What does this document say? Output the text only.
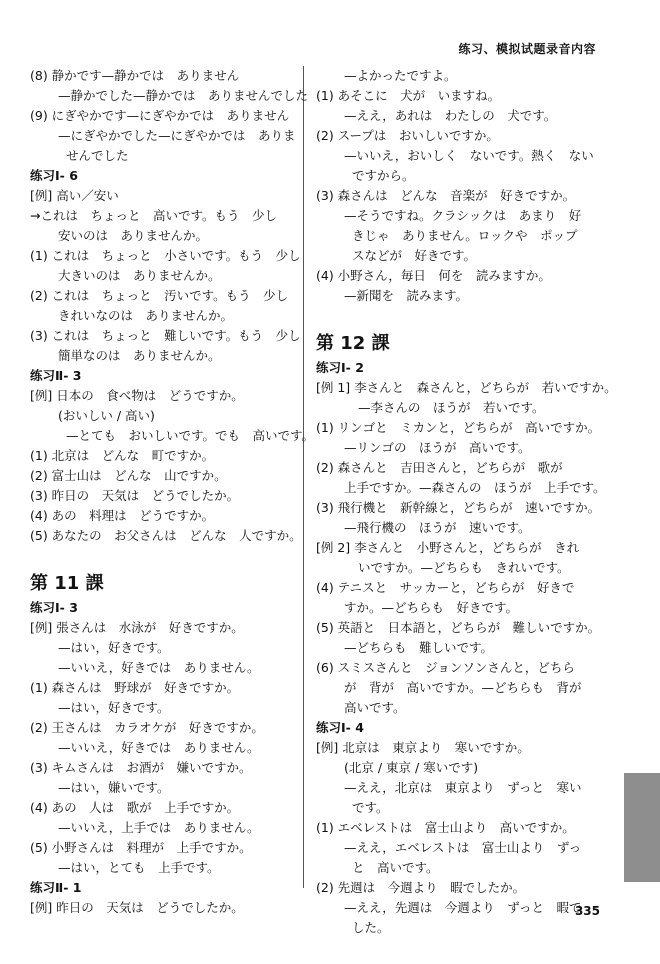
练习、模拟试题录音内容
(8) 静かです—静かでは　ありません
—静かでした—静かでは　ありませんでした
(9) にぎやかです—にぎやかでは　ありません
—にぎやかでした—にぎやかでは　ありま
せんでした
练习Ⅰ- 6
[例] 高い／安い
→これは　ちょっと　高いです。もう　少し
安いのは　ありませんか。
(1) これは　ちょっと　小さいです。もう　少し
大きいのは　ありませんか。
(2) これは　ちょっと　汚いです。もう　少し
きれいなのは　ありませんか。
(3) これは　ちょっと　難しいです。もう　少し
簡単なのは　ありませんか。
练习Ⅱ- 3
[例] 日本の　食べ物は　どうですか。
(おいしい / 高い)
—とても　おいしいです。でも　高いです。
(1) 北京は　どんな　町ですか。
(2) 富士山は　どんな　山ですか。
(3) 昨日の　天気は　どうでしたか。
(4) あの　料理は　どうですか。
(5) あなたの　お父さんは　どんな　人ですか。
第 11 課
练习Ⅰ- 3
[例] 張さんは　水泳が　好きですか。
—はい，好きです。
—いいえ，好きでは　ありません。
(1) 森さんは　野球が　好きですか。
—はい，好きです。
(2) 王さんは　カラオケが　好きですか。
—いいえ，好きでは　ありません。
(3) キムさんは　お酒が　嫌いですか。
—はい，嫌いです。
(4) あの　人は　歌が　上手ですか。
—いいえ，上手では　ありません。
(5) 小野さんは　料理が　上手ですか。
—はい，とても　上手です。
练习Ⅱ- 1
[例] 昨日の　天気は　どうでしたか。
—よかったですよ。
(1) あそこに　犬が　いますね。
—ええ，あれは　わたしの　犬です。
(2) スープは　おいしいですか。
—いいえ，おいしく　ないです。熱く　ない
ですから。
(3) 森さんは　どんな　音楽が　好きですか。
—そうですね。クラシックは　あまり　好
きじゃ　ありません。ロックや　ポップ
スなどが　好きです。
(4) 小野さん，毎日　何を　読みますか。
—新聞を　読みます。
第 12 課
练习Ⅰ- 2
[例 1] 李さんと　森さんと，どちらが　若いですか。
—李さんの　ほうが　若いです。
(1) リンゴと　ミカンと，どちらが　高いですか。
—リンゴの　ほうが　高いです。
(2) 森さんと　吉田さんと，どちらが　歌が
上手ですか。—森さんの　ほうが　上手です。
(3) 飛行機と　新幹線と，どちらが　速いですか。
—飛行機の　ほうが　速いです。
[例 2] 李さんと　小野さんと，どちらが　きれ
いですか。—どちらも　きれいです。
(4) テニスと　サッカーと，どちらが　好きで
すか。—どちらも　好きです。
(5) 英語と　日本語と，どちらが　難しいですか。
—どちらも　難しいです。
(6) スミスさんと　ジョンソンさんと，どちら
が　背が　高いですか。—どちらも　背が
高いです。
练习Ⅰ- 4
[例] 北京は　東京より　寒いですか。
(北京 / 東京 / 寒いです)
—ええ，北京は　東京より　ずっと　寒い
です。
(1) エベレストは　富士山より　高いですか。
—ええ，エベレストは　富士山より　ずっ
と　高いです。
(2) 先週は　今週より　暇でしたか。
—ええ，先週は　今週より　ずっと　暇で
した。
335
